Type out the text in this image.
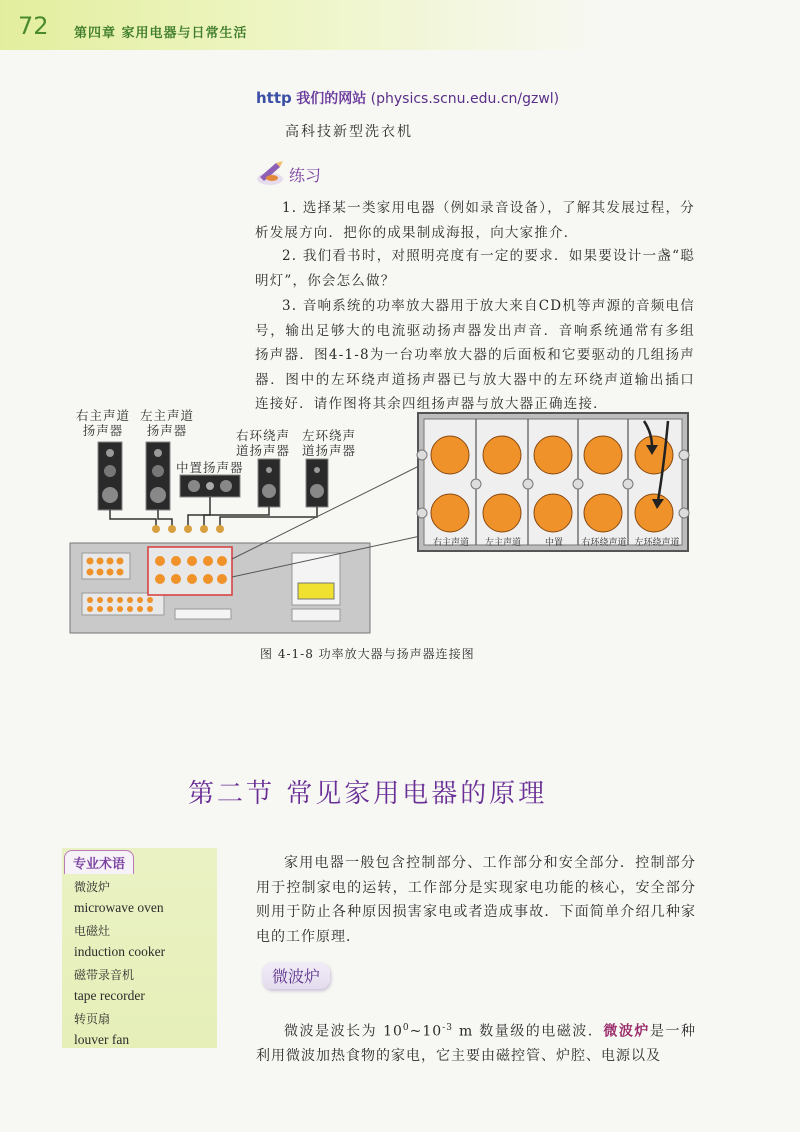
72 第四章 家用电器与日常生活
http 我们的网站 (physics.scnu.edu.cn/gzwl)
高科技新型洗衣机
练习
1. 选择某一类家用电器（例如录音设备），了解其发展过程，分析发展方向．把你的成果制成海报，向大家推介．
2. 我们看书时，对照明亮度有一定的要求．如果要设计一盏“聪明灯”，你会怎么做？
3. 音响系统的功率放大器用于放大来自CD机等声源的音频电信号，输出足够大的电流驱动扬声器发出声音．音响系统通常有多组扬声器．图4-1-8为一台功率放大器的后面板和它要驱动的几组扬声器．图中的左环绕声道扬声器已与放大器中的左环绕声道输出插口连接好．请作图将其余四组扬声器与放大器正确连接．
右主声道
扬声器
左主声道
扬声器
中置扬声器
右环绕声
道扬声器
左环绕声
道扬声器
右主声道	左主声道	中置	右环绕声道 左环绕声道
图 4-1-8 功率放大器与扬声器连接图
第二节 常见家用电器的原理
专业术语
微波炉
microwave oven
电磁灶
induction cooker
磁带录音机
tape recorder
转页扇
louver fan
家用电器一般包含控制部分、工作部分和安全部分．控制部分用于控制家电的运转，工作部分是实现家电功能的核心，安全部分则用于防止各种原因损害家电或者造成事故．下面简单介绍几种家电的工作原理．
微波炉
微波是波长为 $10^0\sim 10^{-3}$ m 数量级的电磁波．微波炉是一种利用微波加热食物的家电，它主要由磁控管、炉腔、电源以及
